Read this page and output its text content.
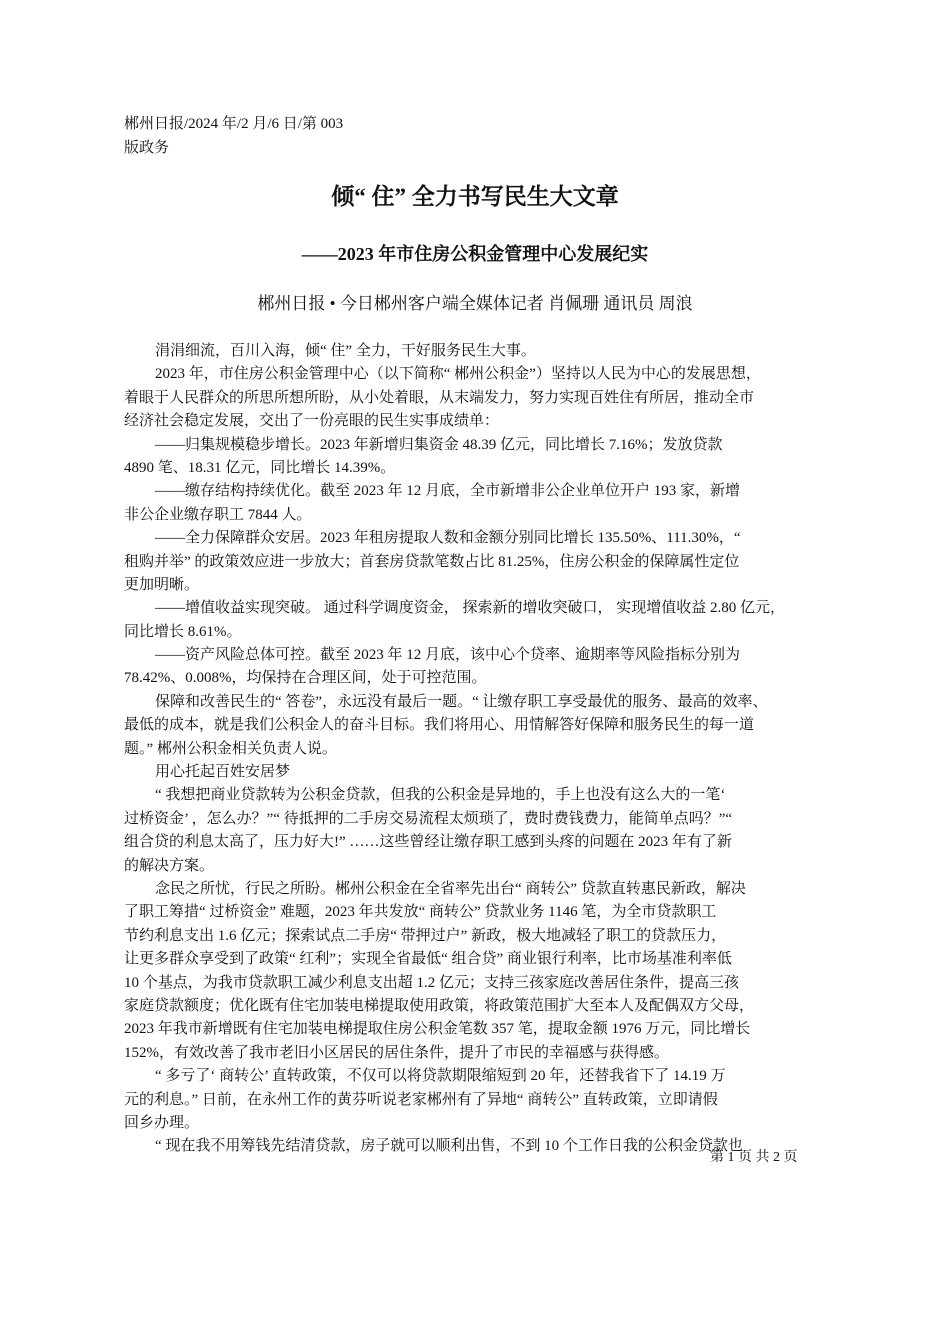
郴州日报/2024 年/2 月/6 日/第 003
版政务
倾“ 住” 全力书写民生大文章
——2023 年市住房公积金管理中心发展纪实
郴州日报 • 今日郴州客户端全媒体记者 肖佩珊 通讯员 周浪
涓涓细流，百川入海，倾“ 住” 全力，干好服务民生大事。
2023 年，市住房公积金管理中心（以下简称“ 郴州公积金”）坚持以人民为中心的发展思想，
着眼于人民群众的所思所想所盼，从小处着眼，从末端发力，努力实现百姓住有所居，推动全市
经济社会稳定发展，交出了一份亮眼的民生实事成绩单：
——归集规模稳步增长。2023 年新增归集资金 48.39 亿元，同比增长 7.16%；发放贷款
4890 笔、18.31 亿元，同比增长 14.39%。
——缴存结构持续优化。截至 2023 年 12 月底，全市新增非公企业单位开户 193 家，新增
非公企业缴存职工 7844 人。
——全力保障群众安居。2023 年租房提取人数和金额分别同比增长 135.50%、111.30%，“
租购并举” 的政策效应进一步放大；首套房贷款笔数占比 81.25%，住房公积金的保障属性定位
更加明晰。
——增值收益实现突破。 通过科学调度资金， 探索新的增收突破口， 实现增值收益 2.80 亿元，
同比增长 8.61%。
——资产风险总体可控。截至 2023 年 12 月底，该中心个贷率、逾期率等风险指标分别为
78.42%、0.008%，均保持在合理区间，处于可控范围。
保障和改善民生的“ 答卷”，永远没有最后一题。“ 让缴存职工享受最优的服务、最高的效率、
最低的成本，就是我们公积金人的奋斗目标。我们将用心、用情解答好保障和服务民生的每一道
题。” 郴州公积金相关负责人说。
用心托起百姓安居梦
“ 我想把商业贷款转为公积金贷款，但我的公积金是异地的，手上也没有这么大的一笔‘
过桥资金’ ，怎么办？”“ 待抵押的二手房交易流程太烦琐了，费时费钱费力，能简单点吗？”“
组合贷的利息太高了，压力好大!” ……这些曾经让缴存职工感到头疼的问题在 2023 年有了新
的解决方案。
念民之所忧，行民之所盼。郴州公积金在全省率先出台“ 商转公” 贷款直转惠民新政，解决
了职工筹措“ 过桥资金” 难题，2023 年共发放“ 商转公” 贷款业务 1146 笔，为全市贷款职工
节约利息支出 1.6 亿元；探索试点二手房“ 带押过户” 新政，极大地减轻了职工的贷款压力，
让更多群众享受到了政策“ 红利”；实现全省最低“ 组合贷” 商业银行利率，比市场基准利率低
10 个基点，为我市贷款职工减少利息支出超 1.2 亿元；支持三孩家庭改善居住条件，提高三孩
家庭贷款额度；优化既有住宅加装电梯提取使用政策，将政策范围扩大至本人及配偶双方父母，
2023 年我市新增既有住宅加装电梯提取住房公积金笔数 357 笔，提取金额 1976 万元，同比增长
152%，有效改善了我市老旧小区居民的居住条件，提升了市民的幸福感与获得感。
“ 多亏了‘ 商转公’ 直转政策，不仅可以将贷款期限缩短到 20 年，还替我省下了 14.19 万
元的利息。” 日前，在永州工作的黄芬听说老家郴州有了异地“ 商转公” 直转政策，立即请假
回乡办理。
“ 现在我不用筹钱先结清贷款，房子就可以顺利出售，不到 10 个工作日我的公积金贷款也
第 1 页 共 2 页
